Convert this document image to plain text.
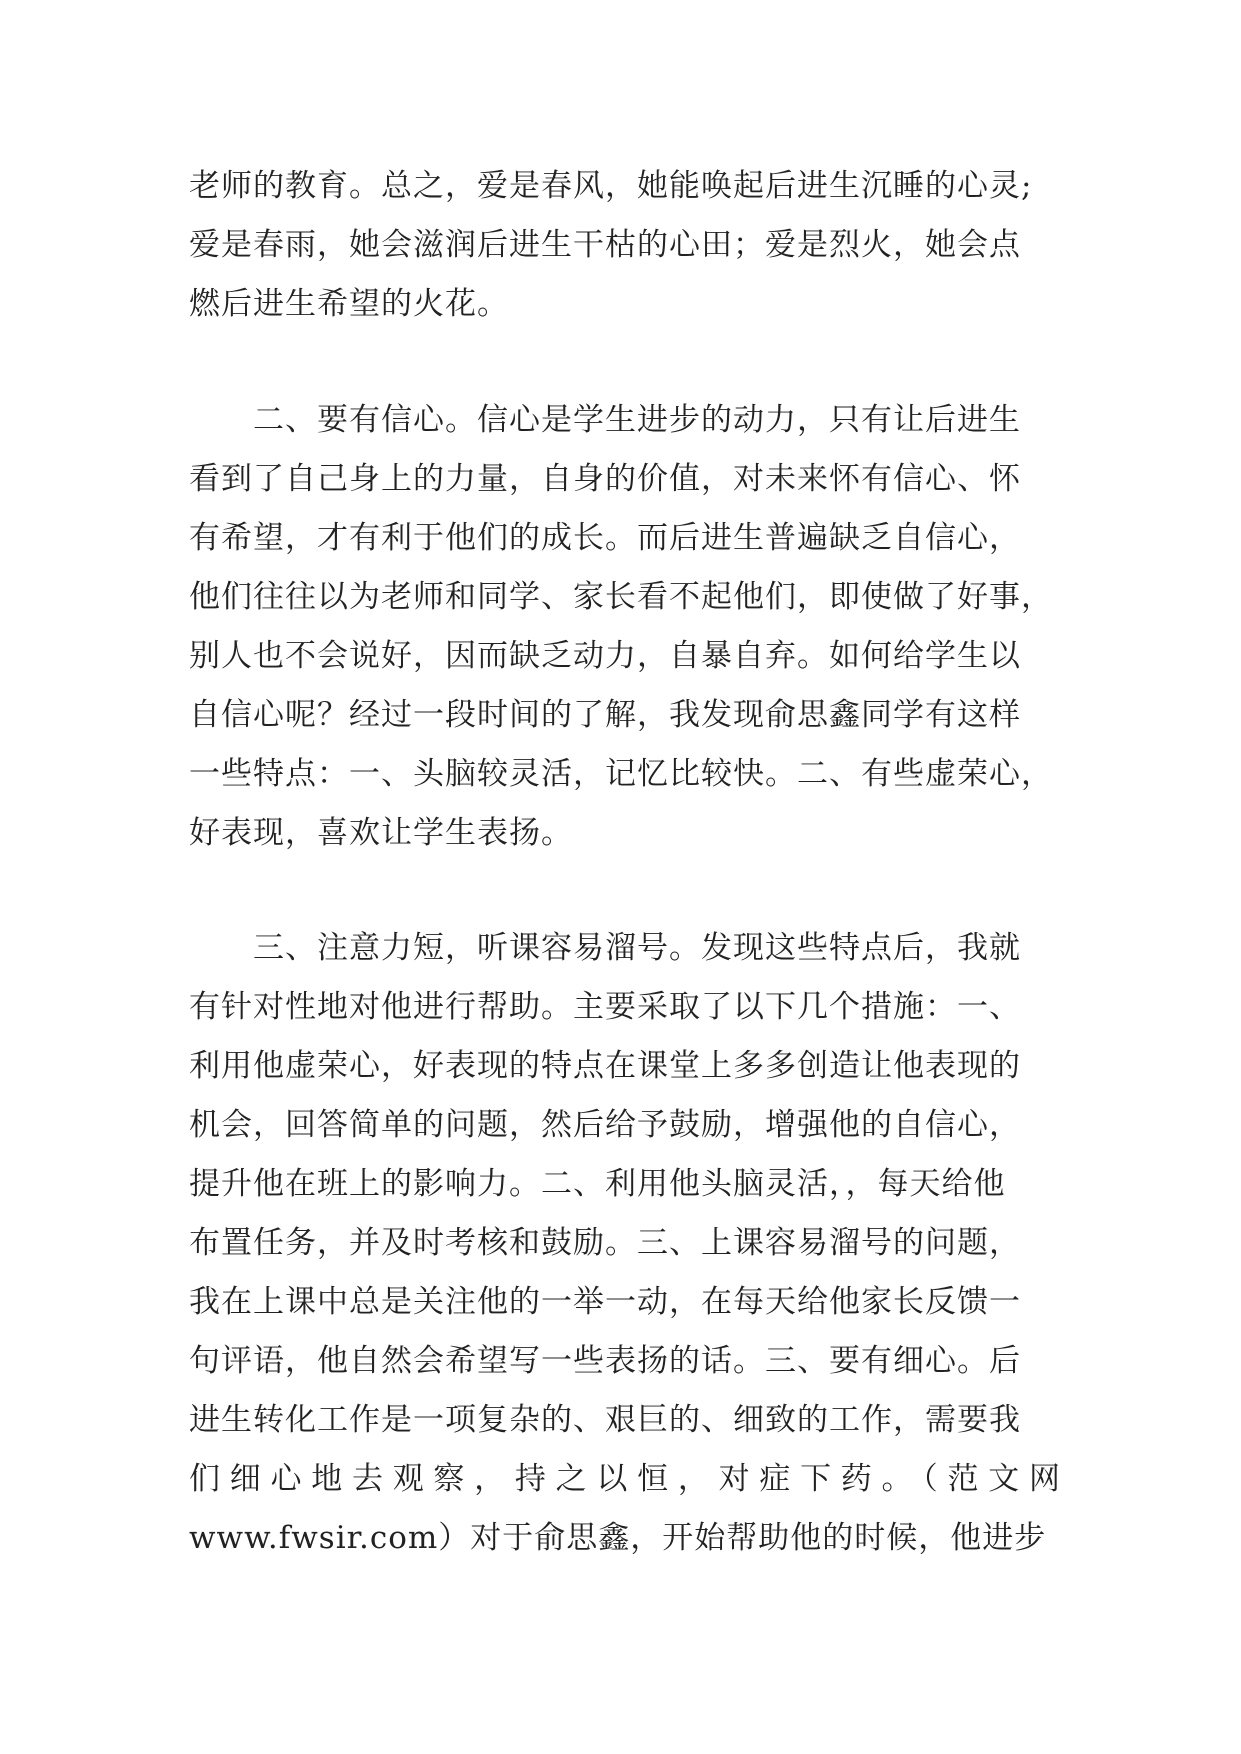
老师的教育。总之，爱是春风，她能唤起后进生沉睡的心灵;
爱是春雨，她会滋润后进生干枯的心田；爱是烈火，她会点
燃后进生希望的火花。
　　二、要有信心。信心是学生进步的动力，只有让后进生
看到了自己身上的力量，自身的价值，对未来怀有信心、怀
有希望，才有利于他们的成长。而后进生普遍缺乏自信心，
他们往往以为老师和同学、家长看不起他们，即使做了好事，
别人也不会说好，因而缺乏动力，自暴自弃。如何给学生以
自信心呢？经过一段时间的了解，我发现俞思鑫同学有这样
一些特点：一、头脑较灵活，记忆比较快。二、有些虚荣心，
好表现，喜欢让学生表扬。
　　三、注意力短，听课容易溜号。发现这些特点后，我就
有针对性地对他进行帮助。主要采取了以下几个措施：一、
利用他虚荣心，好表现的特点在课堂上多多创造让他表现的
机会，回答简单的问题，然后给予鼓励，增强他的自信心，
提升他在班上的影响力。二、利用他头脑灵活，，每天给他
布置任务，并及时考核和鼓励。三、上课容易溜号的问题，
我在上课中总是关注他的一举一动，在每天给他家长反馈一
句评语，他自然会希望写一些表扬的话。三、要有细心。后
进生转化工作是一项复杂的、艰巨的、细致的工作，需要我
们细心地去观察，持之以恒，对症下药。（范文网
www.fwsir.com）对于俞思鑫，开始帮助他的时候，他进步
